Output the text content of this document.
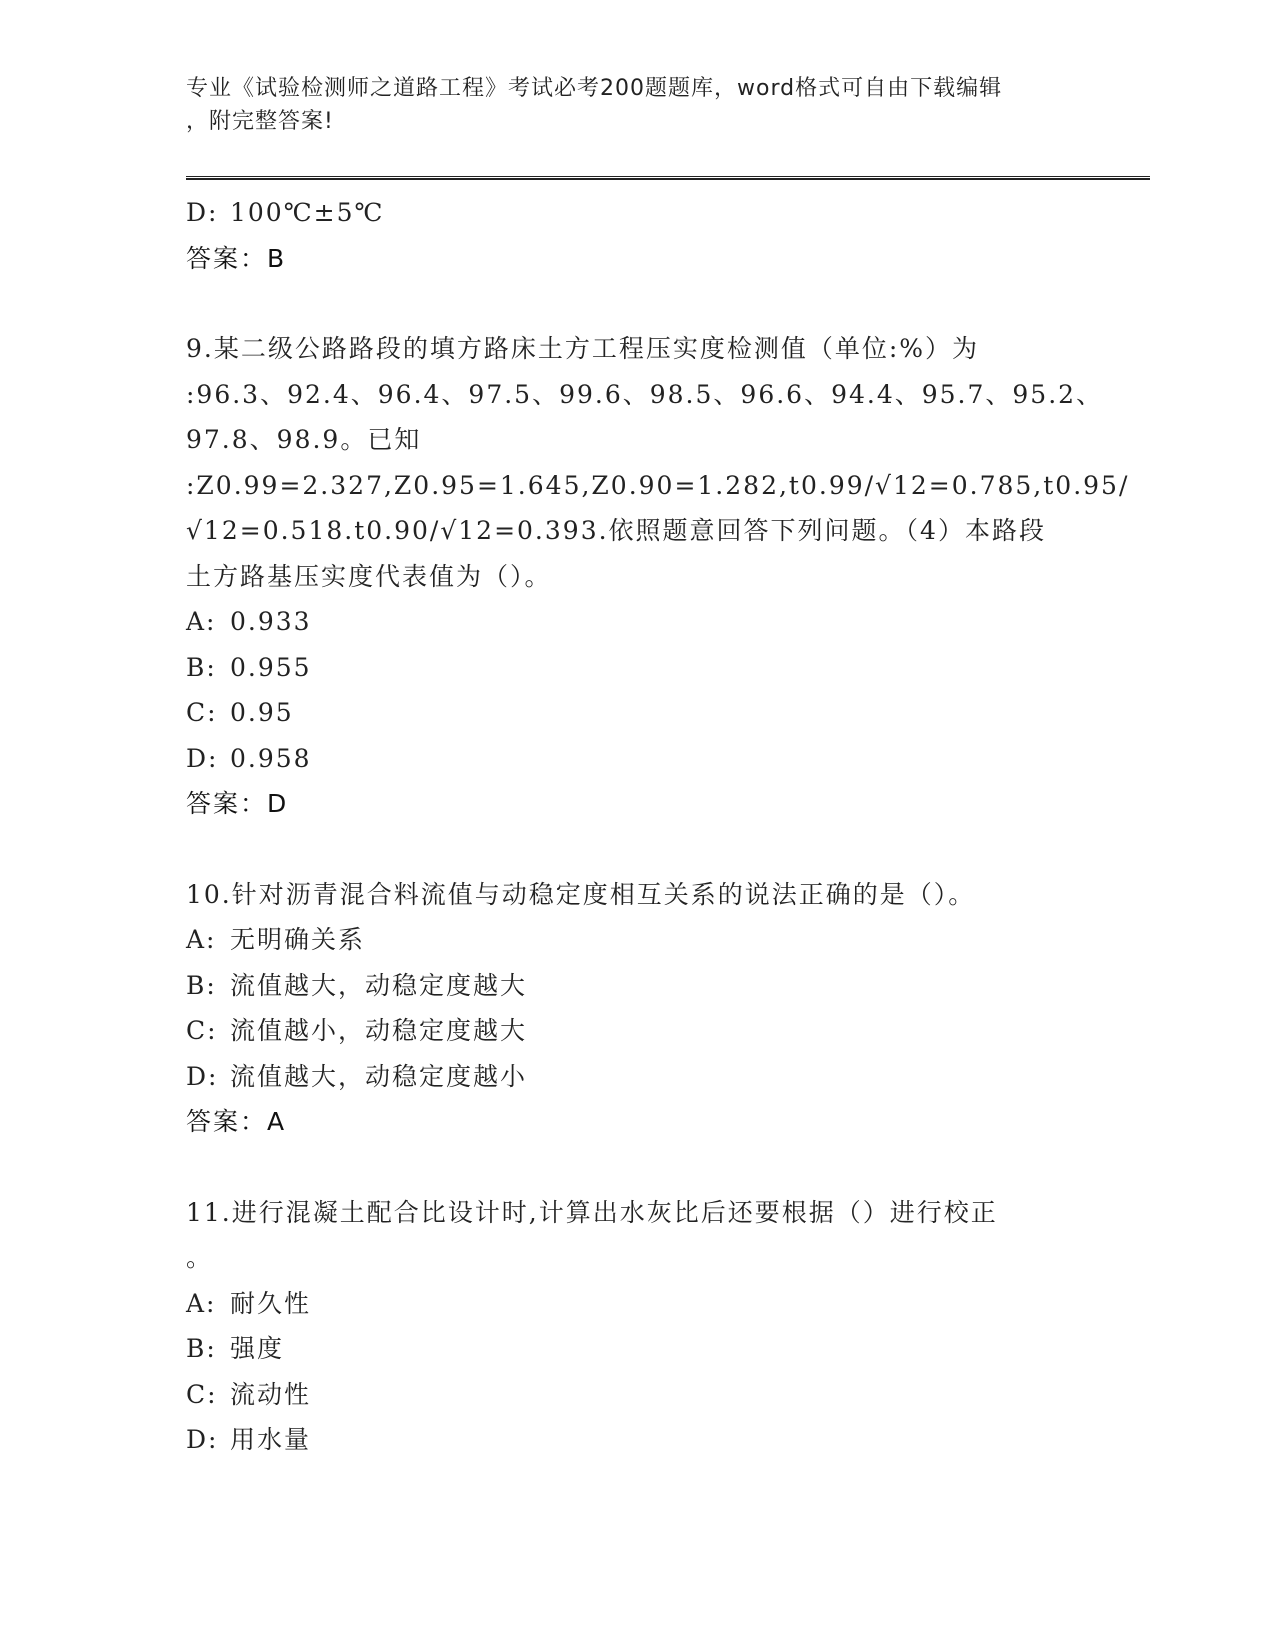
专业《试验检测师之道路工程》考试必考200题题库，word格式可自由下载编辑
，附完整答案!
D: 100℃±5℃
答案：B
9.某二级公路路段的填方路床土方工程压实度检测值（单位:%）为
:96.3、92.4、96.4、97.5、99.6、98.5、96.6、94.4、95.7、95.2、
97.8、98.9。已知
:Z0.99=2.327,Z0.95=1.645,Z0.90=1.282,t0.99/√12=0.785,t0.95/
√12=0.518.t0.90/√12=0.393.依照题意回答下列问题。（4）本路段
土方路基压实度代表值为（）。
A: 0.933
B: 0.955
C: 0.95
D: 0.958
答案：D
10.针对沥青混合料流值与动稳定度相互关系的说法正确的是（）。
A: 无明确关系
B: 流值越大，动稳定度越大
C: 流值越小，动稳定度越大
D: 流值越大，动稳定度越小
答案：A
11.进行混凝土配合比设计时,计算出水灰比后还要根据（）进行校正
。
A: 耐久性
B: 强度
C: 流动性
D: 用水量
